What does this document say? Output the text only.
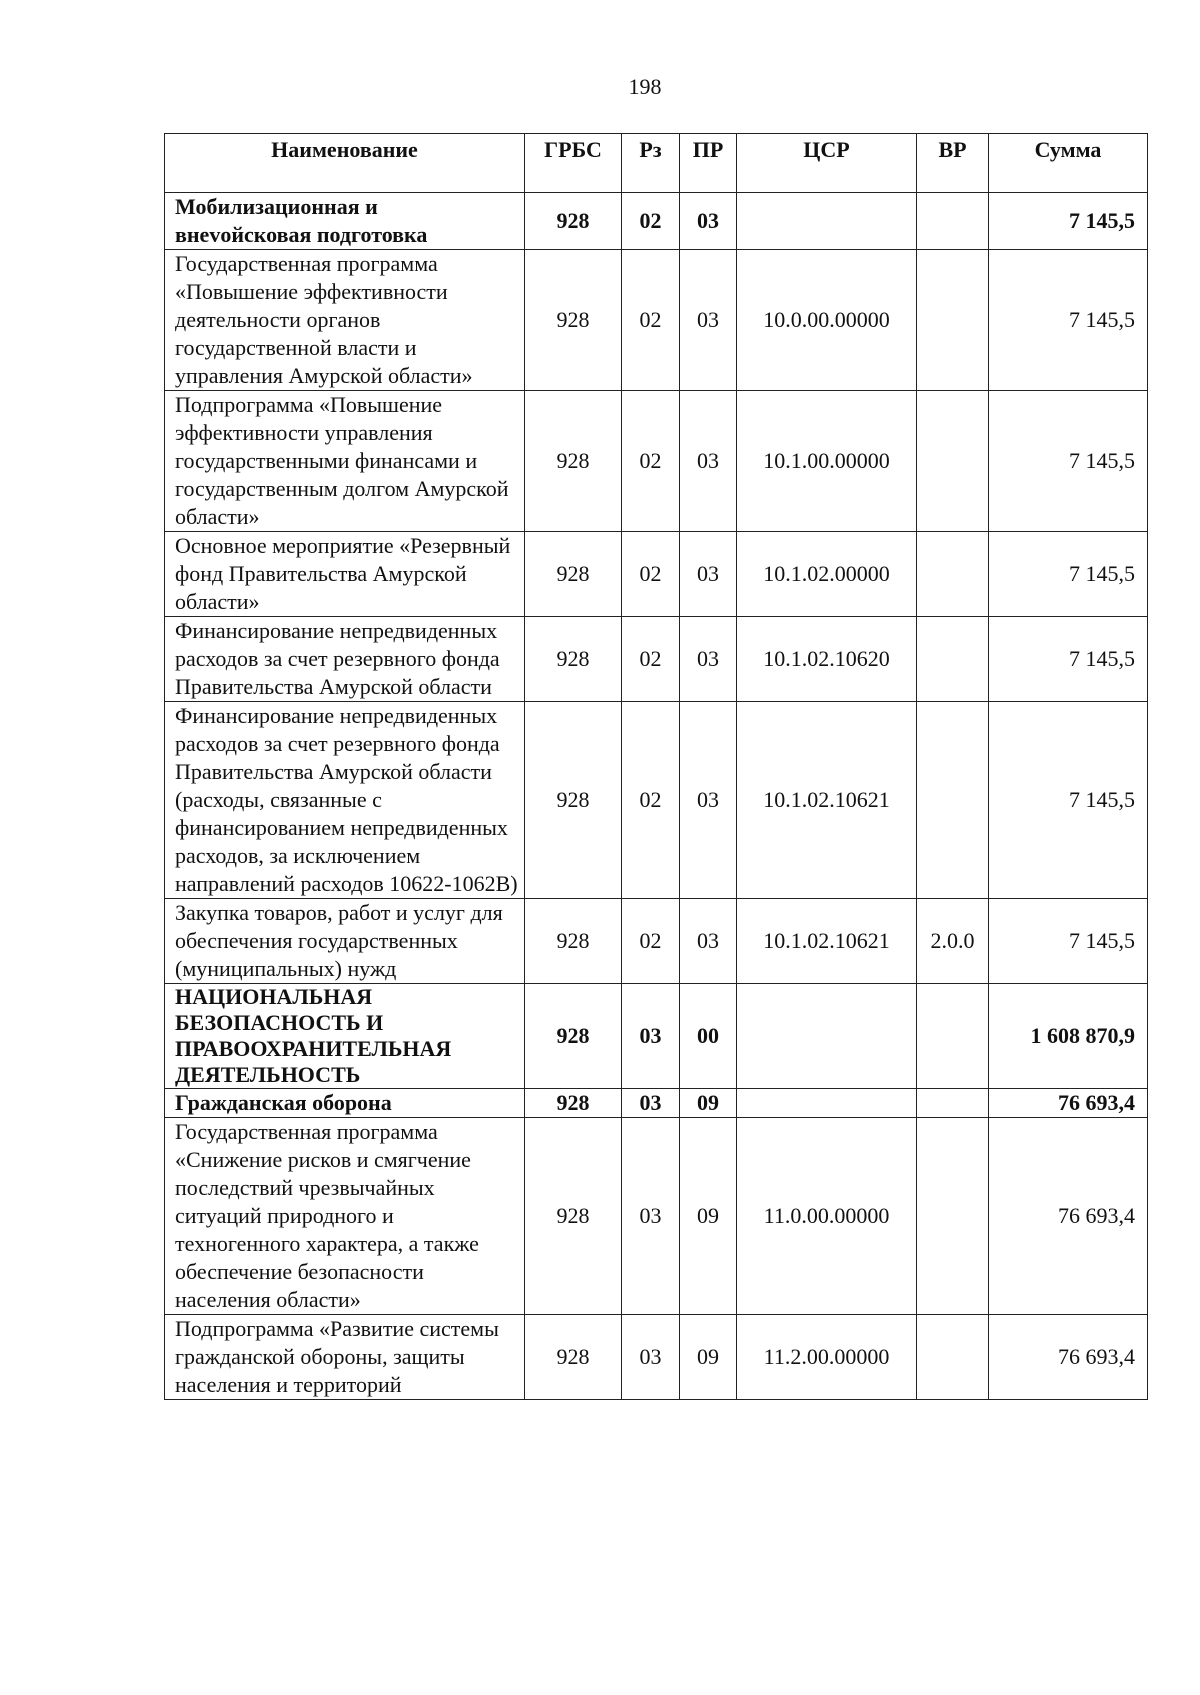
198
Наименование	ГРБС	Рз	ПР	ЦСР	ВР	Сумма
Мобилизационная и внevойсковая подготовка	928	02	03			7 145,5
Государственная программа «Повышение эффективности деятельности органов государственной власти и управления Амурской области»	928	02	03	10.0.00.00000		7 145,5
Подпрограмма «Повышение эффективности управления государственными финансами и государственным долгом Амурской области»	928	02	03	10.1.00.00000		7 145,5
Основное мероприятие «Резервный фонд Правительства Амурской области»	928	02	03	10.1.02.00000		7 145,5
Финансирование непредвиденных расходов за счет резервного фонда Правительства Амурской области	928	02	03	10.1.02.10620		7 145,5
Финансирование непредвиденных расходов за счет резервного фонда Правительства Амурской области (расходы, связанные с финансированием непредвиденных расходов, за исключением направлений расходов 10622-1062В)	928	02	03	10.1.02.10621		7 145,5
Закупка товаров, работ и услуг для обеспечения государственных (муниципальных) нужд	928	02	03	10.1.02.10621	2.0.0	7 145,5
НАЦИОНАЛЬНАЯ БЕЗОПАСНОСТЬ И ПРАВООХРАНИТЕЛЬНАЯ ДЕЯТЕЛЬНОСТЬ	928	03	00			1 608 870,9
Гражданская оборона	928	03	09			76 693,4
Государственная программа «Снижение рисков и смягчение последствий чрезвычайных ситуаций природного и техногенного характера, а также обеспечение безопасности населения области»	928	03	09	11.0.00.00000		76 693,4
Подпрограмма «Развитие системы гражданской обороны, защиты населения и территорий	928	03	09	11.2.00.00000		76 693,4
